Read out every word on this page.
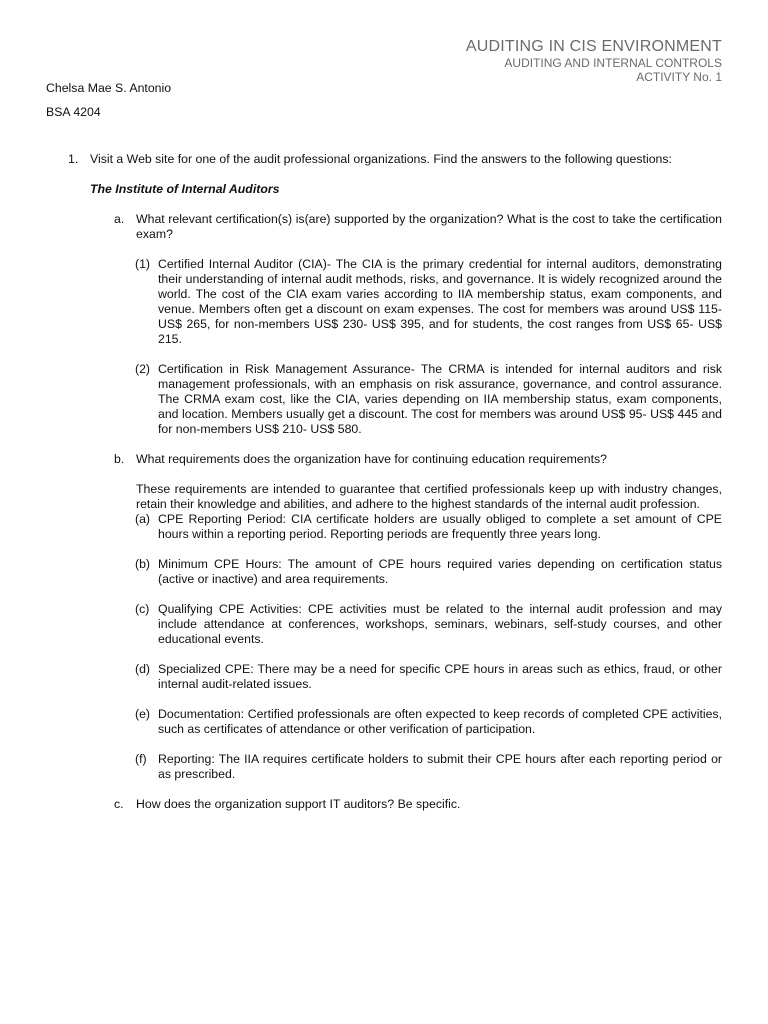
AUDITING IN CIS ENVIRONMENT
AUDITING AND INTERNAL CONTROLS
ACTIVITY No. 1
Chelsa Mae S. Antonio
BSA 4204
1. Visit a Web site for one of the audit professional organizations. Find the answers to the following questions:
The Institute of Internal Auditors
a. What relevant certification(s) is(are) supported by the organization? What is the cost to take the certification exam?
(1) Certified Internal Auditor (CIA)- The CIA is the primary credential for internal auditors, demonstrating their understanding of internal audit methods, risks, and governance. It is widely recognized around the world. The cost of the CIA exam varies according to IIA membership status, exam components, and venue. Members often get a discount on exam expenses. The cost for members was around US$ 115- US$ 265, for non-members US$ 230- US$ 395, and for students, the cost ranges from US$ 65- US$ 215.
(2) Certification in Risk Management Assurance- The CRMA is intended for internal auditors and risk management professionals, with an emphasis on risk assurance, governance, and control assurance. The CRMA exam cost, like the CIA, varies depending on IIA membership status, exam components, and location. Members usually get a discount. The cost for members was around US$ 95- US$ 445 and for non-members US$ 210- US$ 580.
b. What requirements does the organization have for continuing education requirements?
These requirements are intended to guarantee that certified professionals keep up with industry changes, retain their knowledge and abilities, and adhere to the highest standards of the internal audit profession.
(a) CPE Reporting Period: CIA certificate holders are usually obliged to complete a set amount of CPE hours within a reporting period. Reporting periods are frequently three years long.
(b) Minimum CPE Hours: The amount of CPE hours required varies depending on certification status (active or inactive) and area requirements.
(c) Qualifying CPE Activities: CPE activities must be related to the internal audit profession and may include attendance at conferences, workshops, seminars, webinars, self-study courses, and other educational events.
(d) Specialized CPE: There may be a need for specific CPE hours in areas such as ethics, fraud, or other internal audit-related issues.
(e) Documentation: Certified professionals are often expected to keep records of completed CPE activities, such as certificates of attendance or other verification of participation.
(f) Reporting: The IIA requires certificate holders to submit their CPE hours after each reporting period or as prescribed.
c. How does the organization support IT auditors? Be specific.
